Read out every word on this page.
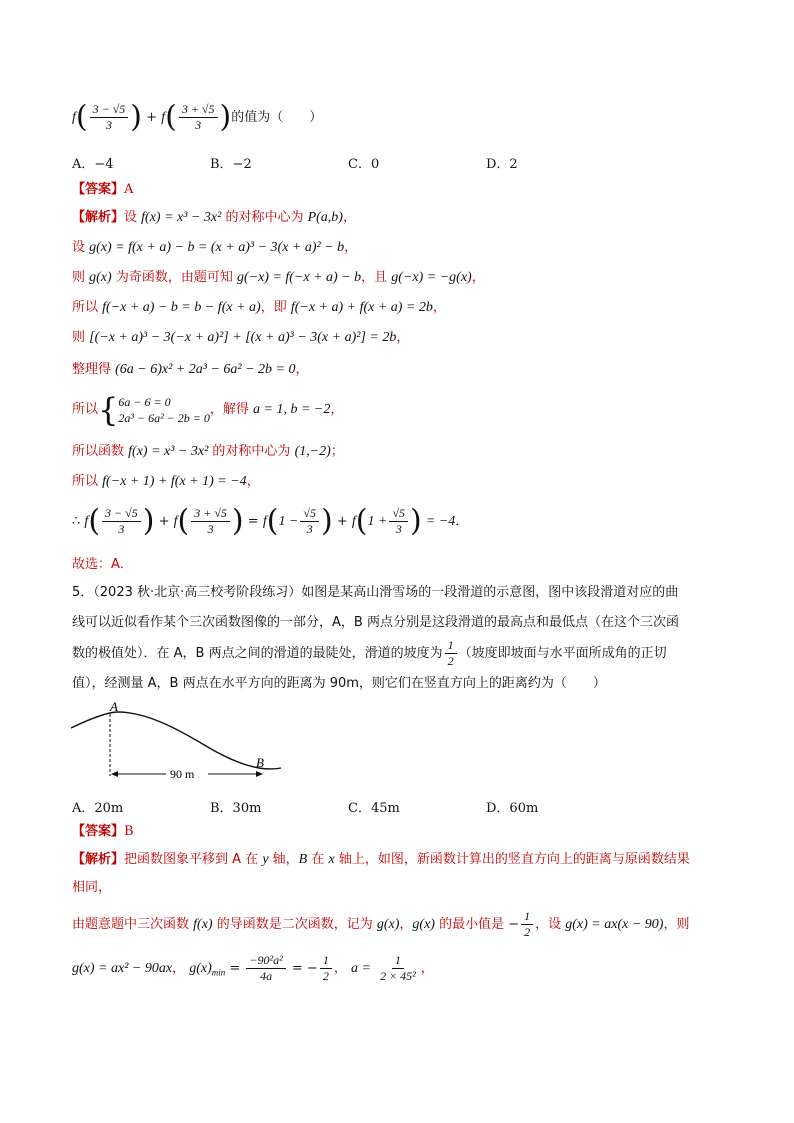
$f( \frac{3 - √5}{3}$ ) + $f( \frac{3 + √5}{3}$ )的值为（　　）
A．−4	B．−2	C．0	D．2
【答案】A
【解析】设 f(x) = x³ − 3x² 的对称中心为 P(a,b)，
设 g(x) = f(x + a) − b = (x + a)³ − 3(x + a)² − b，
则 g(x) 为奇函数，由题可知 g(−x) = f(−x + a) − b，且 g(−x) = −g(x)，
所以 f(−x + a) − b = b − f(x + a)，即 f(−x + a) + f(x + a) = 2b，
则 [(−x + a)³ − 3(−x + a)²] + [(x + a)³ − 3(x + a)²] = 2b，
整理得 (6a − 6)x² + 2a³ − 6a² − 2b = 0，
所以 { 6a − 6 = 0
2a³ − 6a² − 2b = 0
，解得 a = 1, b = −2，
所以函数 f(x) = x³ − 3x² 的对称中心为 (1,−2)；
所以 f(−x + 1) + f(x + 1) = −4，
∴ $f( \frac{3 - √5}{3}$ ) + $f( \frac{3 + √5}{3}$ ) = $f(1 - \frac{√5}{3}$ ) + $f(1 + \frac{√5}{3}$ ) = −4．
故选：A．
5．（2023 秋·北京·高三校考阶段练习）如图是某高山滑雪场的一段滑道的示意图，图中该段滑道对应的曲
线可以近似看作某个三次函数图像的一部分，A，B 两点分别是这段滑道的最高点和最低点（在这个三次函
数的极值处）．在 A，B 两点之间的滑道的最陡处，滑道的坡度为 $\frac{1}{2}$ （坡度即坡面与水平面所成角的正切
值），经测量 A，B 两点在水平方向的距离为 90m，则它们在竖直方向上的距离约为（　　）
A
B
90 m
A．20m	B．30m	C．45m	D．60m
【答案】B
【解析】把函数图象平移到 A 在 y 轴，B 在 x 轴上，如图，新函数计算出的竖直方向上的距离与原函数结果
相同，
由题意题中三次函数 f(x) 的导函数是二次函数，记为 g(x)，g(x) 的最小值是 − $\frac{1}{2}$ ，设 g(x) = ax(x − 90)，则
g(x) = ax² − 90ax， $g(x)_{min} = \frac{\text{−90²a²}}{4a}$ = − $\frac{1}{2}$ ， $a = \frac{1}{\text{2 × 45²}}$ ，
